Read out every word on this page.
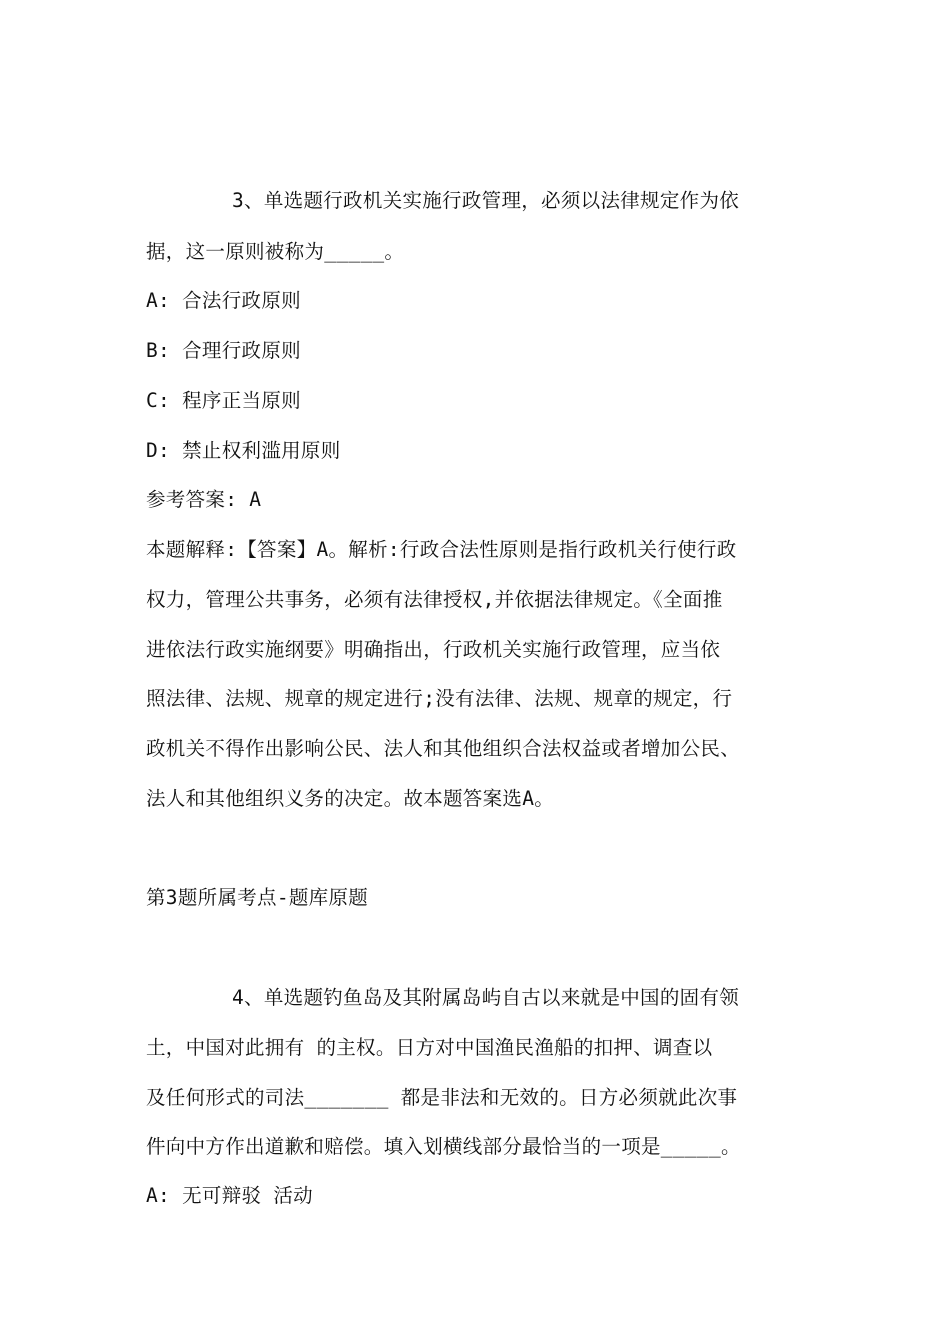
3、单选题行政机关实施行政管理，必须以法律规定作为依
据，这一原则被称为_____。
A: 合法行政原则
B: 合理行政原则
C: 程序正当原则
D: 禁止权利滥用原则
参考答案: A
本题解释:【答案】A。解析:行政合法性原则是指行政机关行使行政
权力，管理公共事务，必须有法律授权,并依据法律规定。《全面推
进依法行政实施纲要》明确指出，行政机关实施行政管理，应当依
照法律、法规、规章的规定进行;没有法律、法规、规章的规定，行
政机关不得作出影响公民、法人和其他组织合法权益或者增加公民、
法人和其他组织义务的决定。故本题答案选A。
第3题所属考点-题库原题
4、单选题钓鱼岛及其附属岛屿自古以来就是中国的固有领
土，中国对此拥有 的主权。日方对中国渔民渔船的扣押、调查以
及任何形式的司法_______ 都是非法和无效的。日方必须就此次事
件向中方作出道歉和赔偿。填入划横线部分最恰当的一项是_____。
A: 无可辩驳 活动
